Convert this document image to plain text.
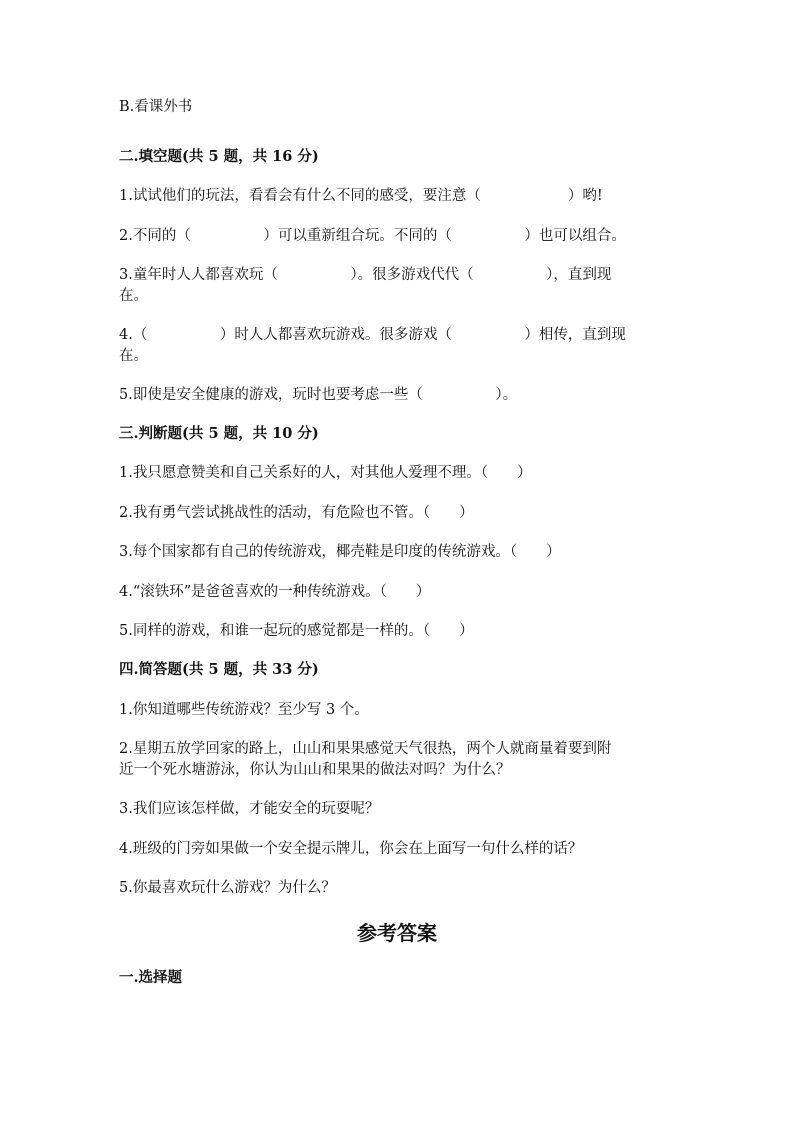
B.看课外书

二.填空题(共 5 题，共 16 分)

1.试试他们的玩法，看看会有什么不同的感受，要注意（　　　　　　）哟!

2.不同的（　　　　　）可以重新组合玩。不同的（　　　　　）也可以组合。

3.童年时人人都喜欢玩（　　　　　）。很多游戏代代（　　　　　），直到现

在。

4.（　　　　　）时人人都喜欢玩游戏。很多游戏（　　　　　）相传，直到现

在。

5.即使是安全健康的游戏，玩时也要考虑一些（　　　　　）。

三.判断题(共 5 题，共 10 分)

1.我只愿意赞美和自己关系好的人，对其他人爱理不理。（　　）

2.我有勇气尝试挑战性的活动，有危险也不管。（　　）

3.每个国家都有自己的传统游戏，椰壳鞋是印度的传统游戏。（　　）

4.“滚铁环”是爸爸喜欢的一种传统游戏。（　　）

5.同样的游戏，和谁一起玩的感觉都是一样的。（　　）

四.简答题(共 5 题，共 33 分)

1.你知道哪些传统游戏？至少写 3 个。

2.星期五放学回家的路上，山山和果果感觉天气很热，两个人就商量着要到附

近一个死水塘游泳，你认为山山和果果的做法对吗？为什么？

3.我们应该怎样做，才能安全的玩耍呢？

4.班级的门旁如果做一个安全提示牌儿，你会在上面写一句什么样的话？

5.你最喜欢玩什么游戏？为什么？

参考答案

一.选择题
